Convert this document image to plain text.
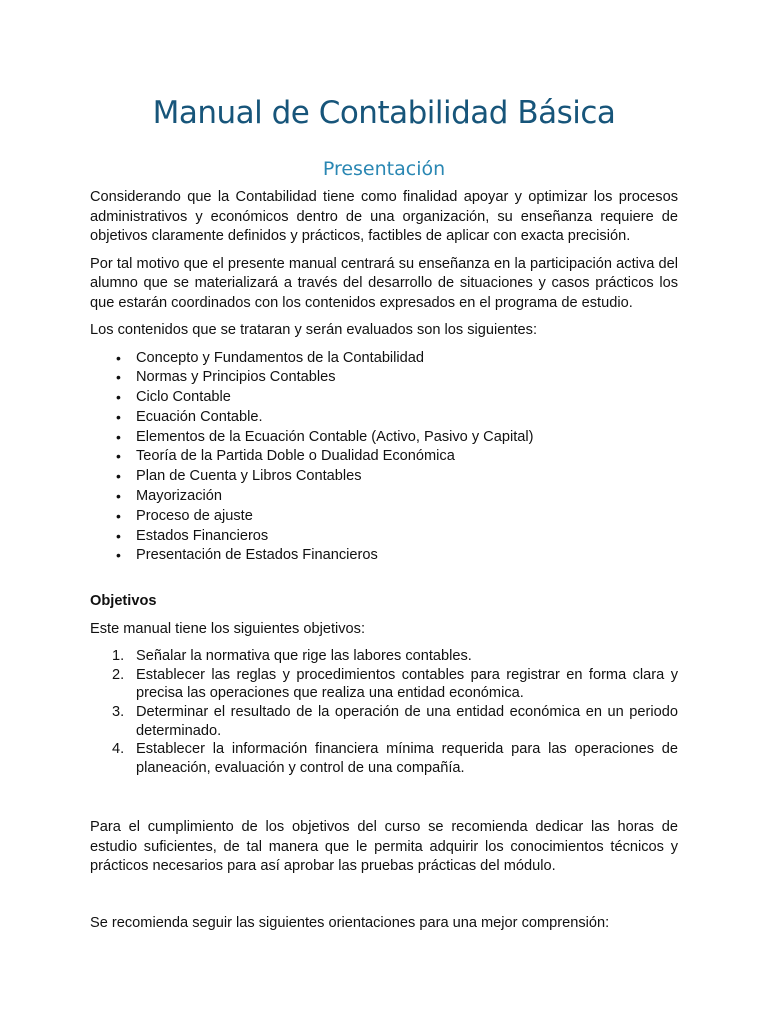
Manual de Contabilidad Básica
Presentación

Considerando que la Contabilidad tiene como finalidad apoyar y optimizar los procesos administrativos y económicos dentro de una organización, su enseñanza requiere de objetivos claramente definidos y prácticos, factibles de aplicar con exacta precisión.

Por tal motivo que el presente manual centrará su enseñanza en la participación activa del alumno que se materializará a través del desarrollo de situaciones y casos prácticos los que estarán coordinados con los contenidos expresados en el programa de estudio.

Los contenidos que se trataran y serán evaluados son los siguientes:

•	Concepto y Fundamentos de la Contabilidad
•	Normas y Principios Contables
•	Ciclo Contable
•	Ecuación Contable.
•	Elementos de la Ecuación Contable (Activo, Pasivo y Capital)
•	Teoría de la Partida Doble o Dualidad Económica
•	Plan de Cuenta y Libros Contables
•	Mayorización
•	Proceso de ajuste
•	Estados Financieros
•	Presentación de Estados Financieros
Objetivos

Este manual tiene los siguientes objetivos:

1. Señalar la normativa que rige las labores contables.
2. Establecer las reglas y procedimientos contables para registrar en forma clara y precisa las operaciones que realiza una entidad económica.
3. Determinar el resultado de la operación de una entidad económica en un periodo determinado.
4. Establecer la información financiera mínima requerida para las operaciones de planeación, evaluación y control de una compañía.

Para el cumplimiento de los objetivos del curso se recomienda dedicar las horas de estudio suficientes, de tal manera que le permita adquirir los conocimientos técnicos y prácticos necesarios para así aprobar las pruebas prácticas del módulo.

Se recomienda seguir las siguientes orientaciones para una mejor comprensión:
